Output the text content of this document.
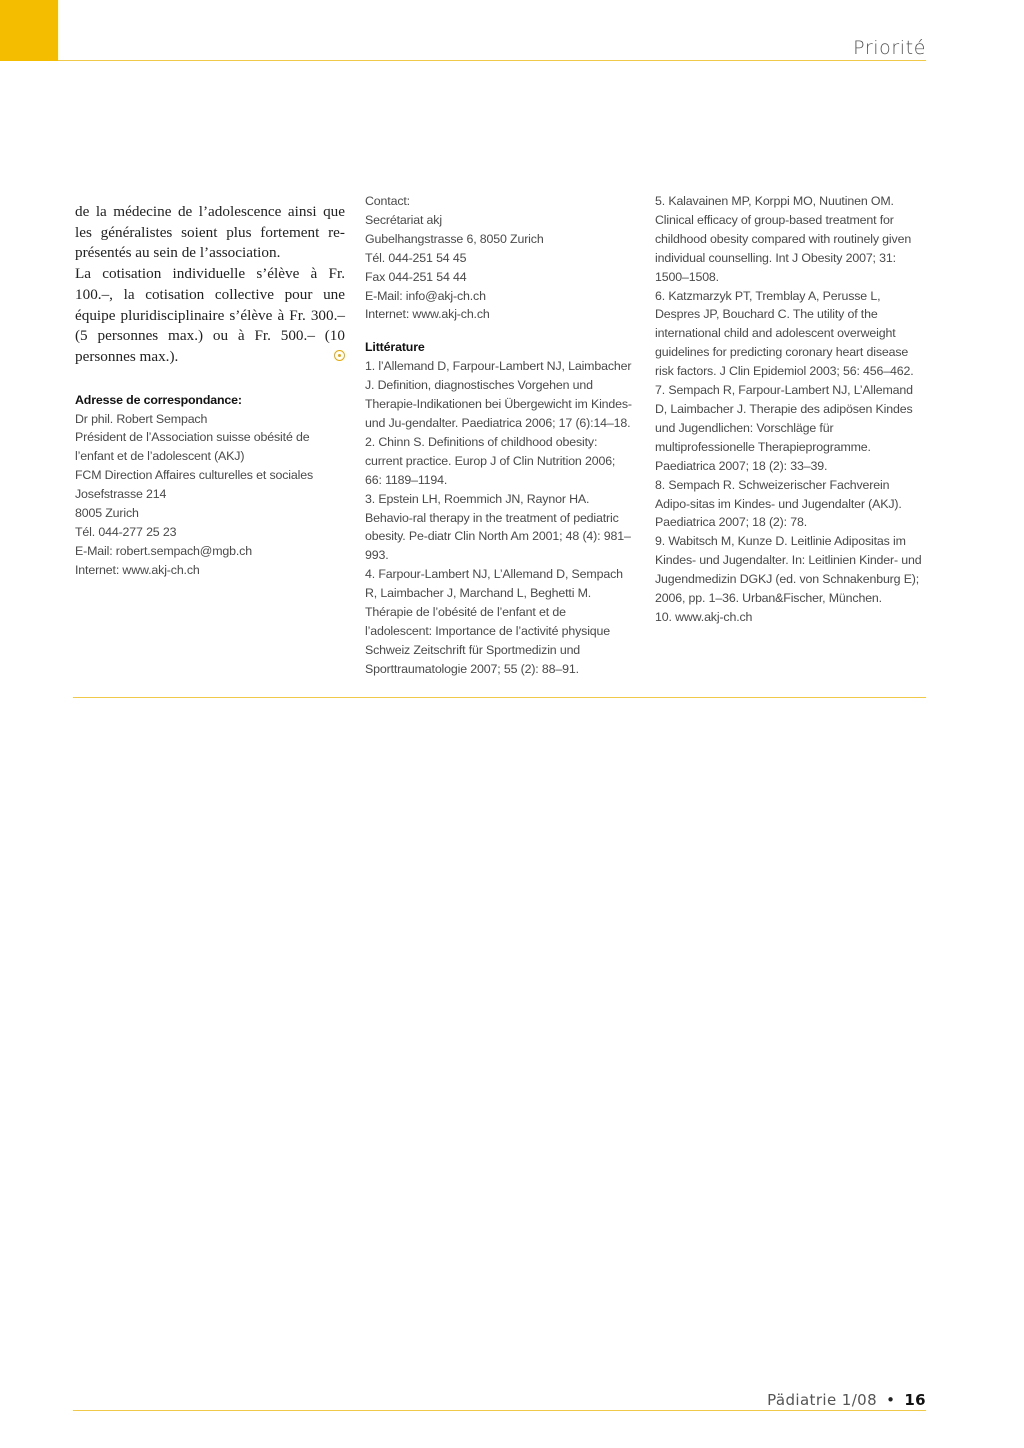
Priorité

de la médecine de l’adolescence ainsi que les généralistes soient plus fortement re-présentés au sein de l’association.

La cotisation individuelle s’élève à Fr. 100.–, la cotisation collective pour une équipe pluridisciplinaire s’élève à Fr. 300.– (5 personnes max.) ou à Fr. 500.– (10 personnes max.).

Adresse de correspondance:

Dr phil. Robert Sempach

Président de l’Association suisse obésité de l’enfant et de l’adolescent (AKJ)

FCM Direction Affaires culturelles et sociales

Josefstrasse 214

8005 Zurich

Tél. 044-277 25 23

E-Mail: robert.sempach@mgb.ch

Internet: www.akj-ch.ch

Contact:

Secrétariat akj

Gubelhangstrasse 6, 8050 Zurich

Tél. 044-251 54 45

Fax 044-251 54 44

E-Mail: info@akj-ch.ch

Internet: www.akj-ch.ch

Littérature

1. l’Allemand D, Farpour-Lambert NJ, Laimbacher J. Definition, diagnostisches Vorgehen und Therapie-Indikationen bei Übergewicht im Kindes- und Ju-gendalter. Paediatrica 2006; 17 (6):14–18.

2. Chinn S. Definitions of childhood obesity: current practice. Europ J of Clin Nutrition 2006; 66: 1189–1194.

3. Epstein LH, Roemmich JN, Raynor HA. Behavio-ral therapy in the treatment of pediatric obesity. Pe-diatr Clin North Am 2001; 48 (4): 981–993.

4. Farpour-Lambert NJ, L’Allemand D, Sempach R, Laimbacher J, Marchand L, Beghetti M. Thérapie de l’obésité de l’enfant et de l’adolescent: Importance de l’activité physique Schweiz Zeitschrift für Sportmedizin und Sporttraumatologie 2007; 55 (2): 88–91.

5. Kalavainen MP, Korppi MO, Nuutinen OM. Clinical efficacy of group-based treatment for childhood obesity compared with routinely given individual counselling. Int J Obesity 2007; 31: 1500–1508.

6. Katzmarzyk PT, Tremblay A, Perusse L, Despres JP, Bouchard C. The utility of the international child and adolescent overweight guidelines for predicting coronary heart disease risk factors. J Clin Epidemiol 2003; 56: 456–462.

7. Sempach R, Farpour-Lambert NJ, L’Allemand D, Laimbacher J. Therapie des adipösen Kindes und Jugendlichen: Vorschläge für multiprofessionelle Therapieprogramme. Paediatrica 2007; 18 (2): 33–39.

8. Sempach R. Schweizerischer Fachverein Adipo-sitas im Kindes- und Jugendalter (AKJ). Paediatrica 2007; 18 (2): 78.

9. Wabitsch M, Kunze D. Leitlinie Adipositas im Kindes- und Jugendalter. In: Leitlinien Kinder- und Jugendmedizin DGKJ (ed. von Schnakenburg E); 2006, pp. 1–36. Urban&Fischer, München.

10. www.akj-ch.ch

Pädiatrie 1/08 • 16
